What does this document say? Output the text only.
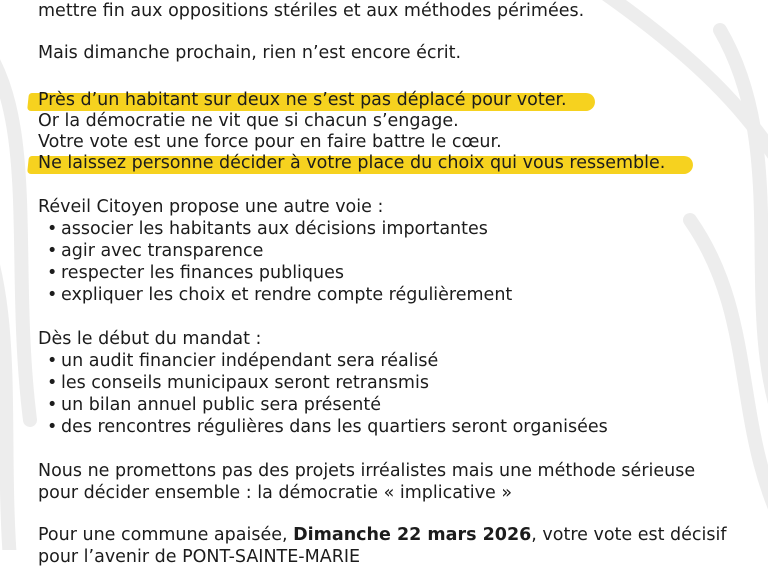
mettre fin aux oppositions stériles et aux méthodes périmées.
Mais dimanche prochain, rien n’est encore écrit.
Près d’un habitant sur deux ne s’est pas déplacé pour voter.
Or la démocratie ne vit que si chacun s’engage.
Votre vote est une force pour en faire battre le cœur.
Ne laissez personne décider à votre place du choix qui vous ressemble.
Réveil Citoyen propose une autre voie :
• associer les habitants aux décisions importantes
• agir avec transparence
• respecter les finances publiques
• expliquer les choix et rendre compte régulièrement
Dès le début du mandat :
• un audit financier indépendant sera réalisé
• les conseils municipaux seront retransmis
• un bilan annuel public sera présenté
• des rencontres régulières dans les quartiers seront organisées
Nous ne promettons pas des projets irréalistes mais une méthode sérieuse
pour décider ensemble : la démocratie « implicative »
Pour une commune apaisée, Dimanche 22 mars 2026, votre vote est décisif
pour l’avenir de PONT-SAINTE-MARIE
